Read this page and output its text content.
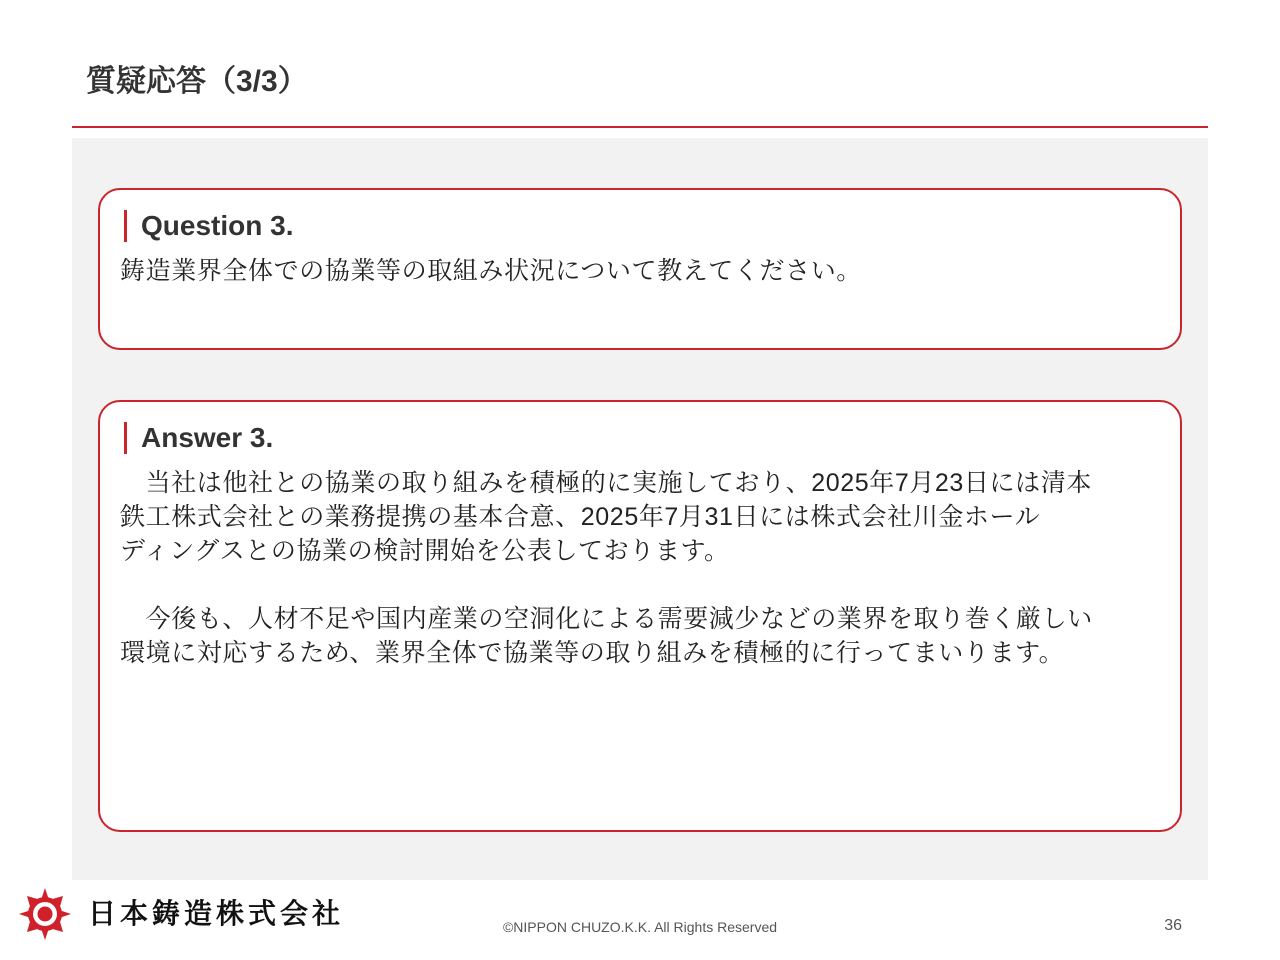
質疑応答（3/3）
Question 3.
鋳造業界全体での協業等の取組み状況について教えてください。
Answer 3.
　当社は他社との協業の取り組みを積極的に実施しており、2025年7月23日には清本
鉄工株式会社との業務提携の基本合意、2025年7月31日には株式会社川金ホール
ディングスとの協業の検討開始を公表しております。
　今後も、人材不足や国内産業の空洞化による需要減少などの業界を取り巻く厳しい
環境に対応するため、業界全体で協業等の取り組みを積極的に行ってまいります。
日本鋳造株式会社	©NIPPON CHUZO.K.K. All Rights Reserved	36
